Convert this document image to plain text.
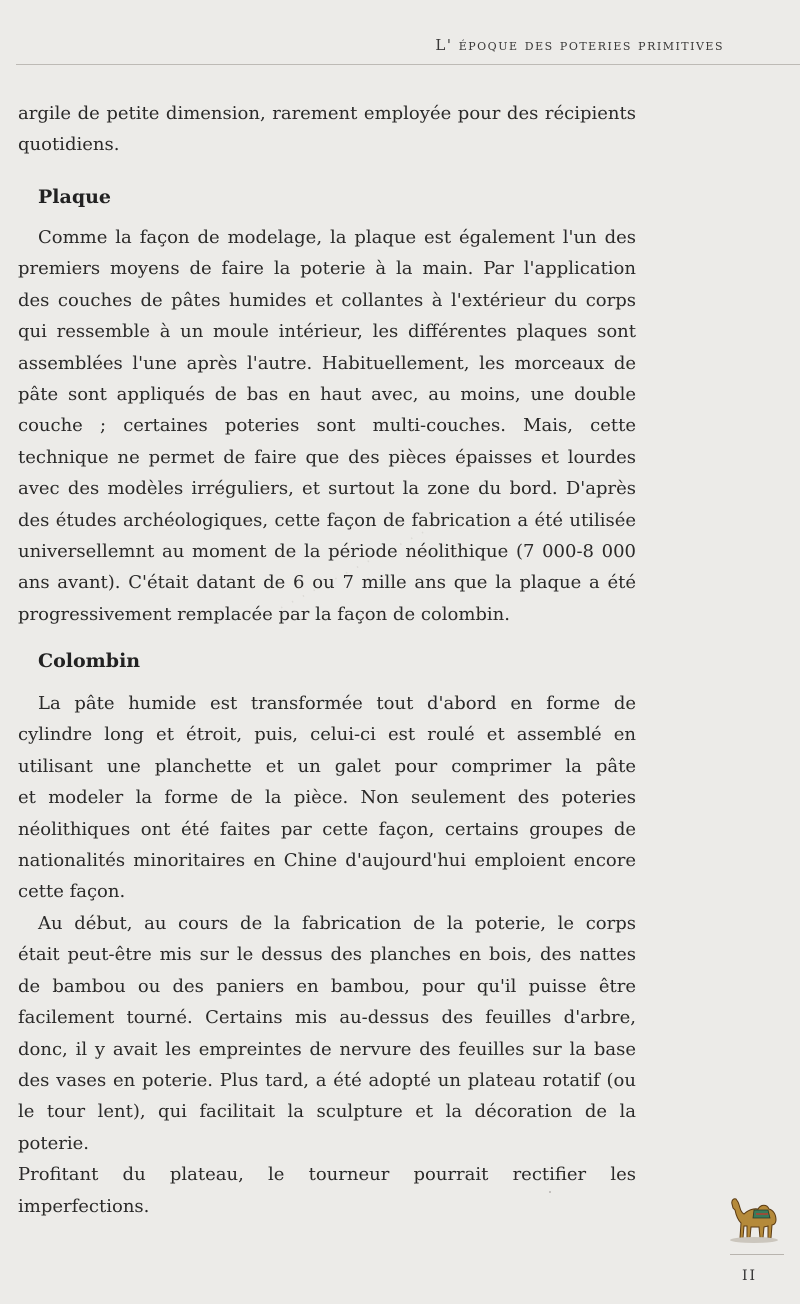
L' époque des poteries primitives
· · · · · · · · · · · · · · ·

argile de petite dimension, rarement employée pour des récipients

quotidiens.

Plaque

Comme la façon de modelage, la plaque est également l'un des

premiers moyens de faire la poterie à la main. Par l'application

des couches de pâtes humides et collantes à l'extérieur du corps

qui ressemble à un moule intérieur, les différentes plaques sont

assemblées l'une après l'autre. Habituellement, les morceaux de

pâte sont appliqués de bas en haut avec, au moins, une double

couche ; certaines poteries sont multi-couches. Mais, cette

technique ne permet de faire que des pièces épaisses et lourdes

avec des modèles irréguliers, et surtout la zone du bord. D'après

des études archéologiques, cette façon de fabrication a été utilisée

universellemnt au moment de la période néolithique (7 000-8 000

ans avant). C'était datant de 6 ou 7 mille ans que la plaque a été

progressivement remplacée par la façon de colombin.

Colombin

La pâte humide est transformée tout d'abord en forme de

cylindre long et étroit, puis, celui-ci est roulé et assemblé en

utilisant une planchette et un galet pour comprimer la pâte

et modeler la forme de la pièce. Non seulement des poteries

néolithiques ont été faites par cette façon, certains groupes de

nationalités minoritaires en Chine d'aujourd'hui emploient encore

cette façon.

Au début, au cours de la fabrication de la poterie, le corps

était peut-être mis sur le dessus des planches en bois, des nattes

de bambou ou des paniers en bambou, pour qu'il puisse être

facilement tourné. Certains mis au-dessus des feuilles d'arbre,

donc, il y avait les empreintes de nervure des feuilles sur la base

des vases en poterie. Plus tard, a été adopté un plateau rotatif (ou

le tour lent), qui facilitait la sculpture et la décoration de la poterie.

Profitant du plateau, le tourneur pourrait rectifier les imperfections.

II
